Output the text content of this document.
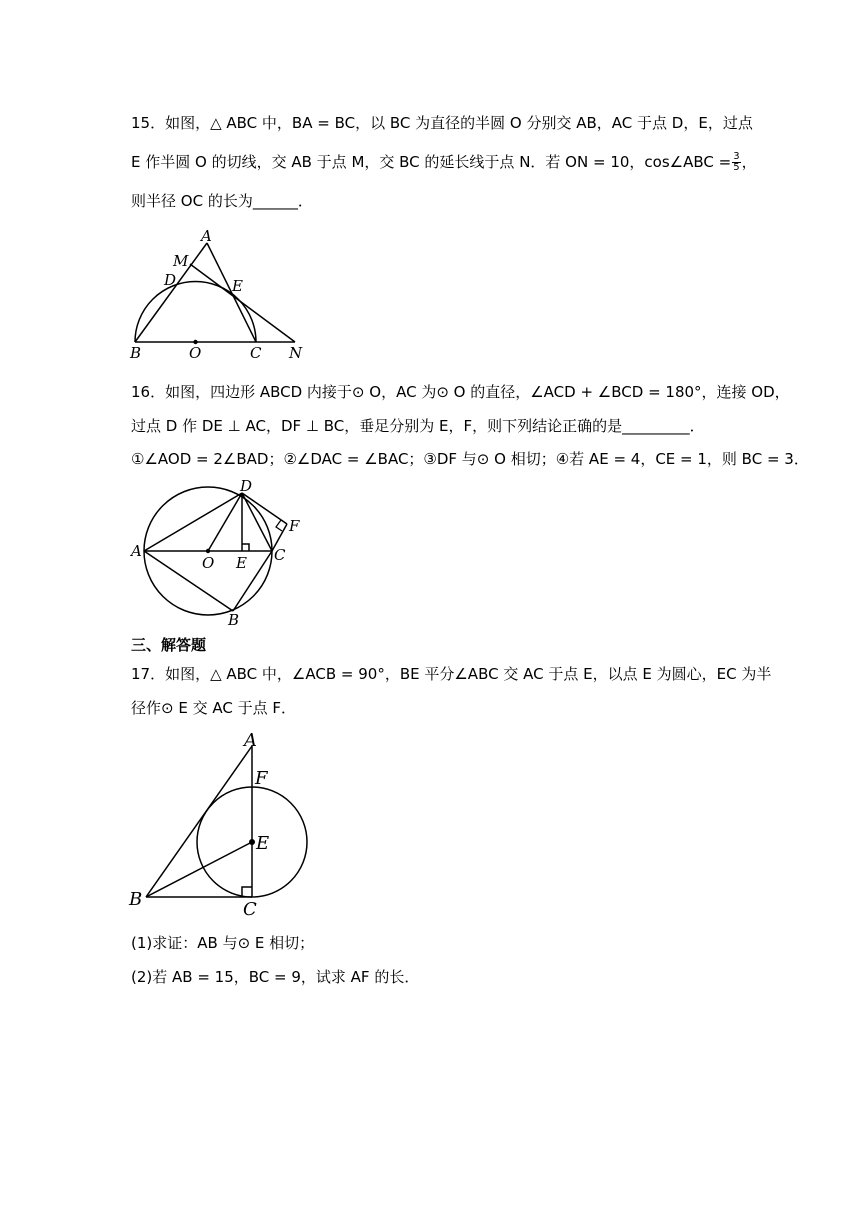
15．如图，△ ABC 中，BA = BC，以 BC 为直径的半圆 O 分别交 AB，AC 于点 D，E，过点
E 作半圆 O 的切线，交 AB 于点 M，交 BC 的延长线于点 N．若 ON = 10，cos∠ABC = $\frac{3}{5}$ ，
则半径 OC 的长为______．
A
M
D	E
B	O	C N
16．如图，四边形 ABCD 内接于⊙ O，AC 为⊙ O 的直径，∠ACD + ∠BCD = 180°，连接 OD，
过点 D 作 DE ⊥ AC，DF ⊥ BC，垂足分别为 E，F，则下列结论正确的是_________．
①∠AOD = 2∠BAD；②∠DAC = ∠BAC；③DF 与⊙ O 相切；④若 AE = 4，CE = 1，则 BC = 3．
D
F
A
O E C
B
三、解答题
17．如图，△ ABC 中，∠ACB = 90°，BE 平分∠ABC 交 AC 于点 E，以点 E 为圆心，EC 为半
径作⊙ E 交 AC 于点 F．
A
F
E
B	C
(1)求证：AB 与⊙ E 相切；
(2)若 AB = 15，BC = 9，试求 AF 的长．
